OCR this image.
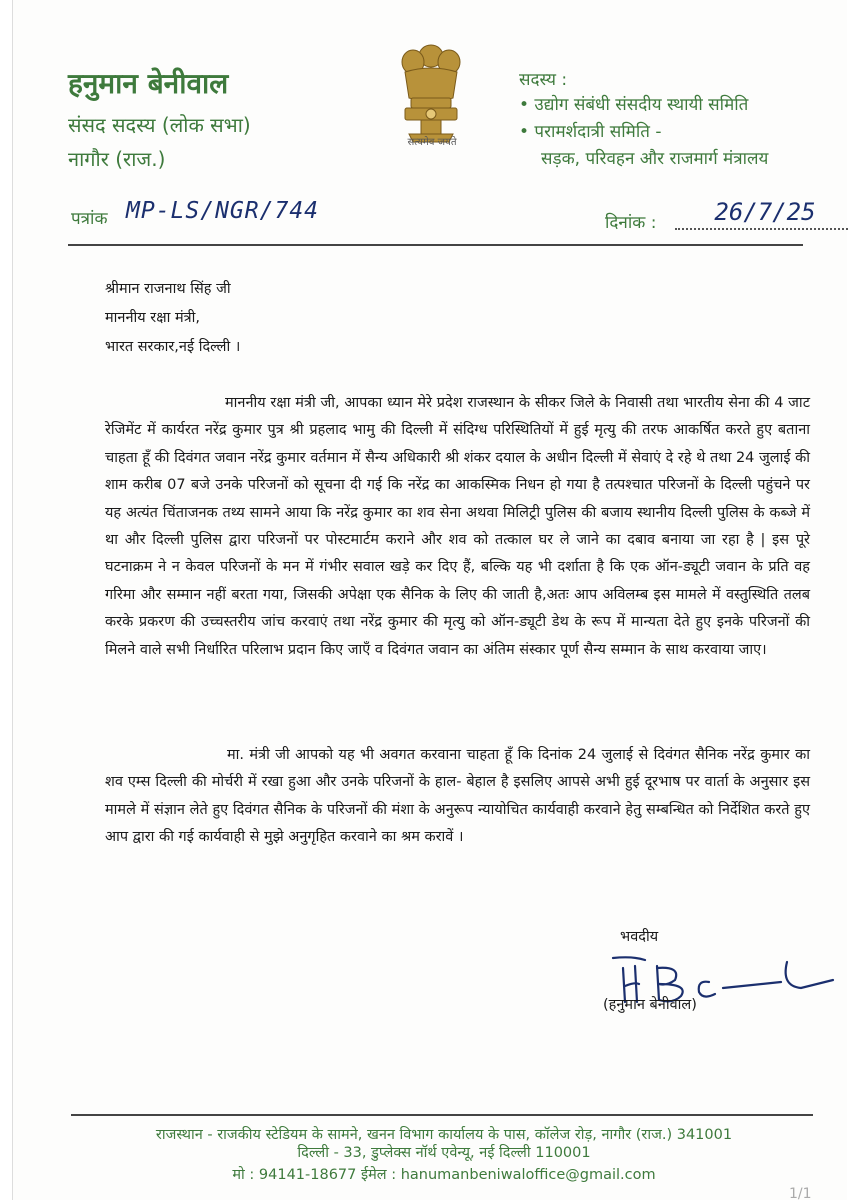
हनुमान बेनीवाल
संसद सदस्य (लोक सभा)
नागौर (राज.)
सत्यमेव जयते
सदस्य :
• उद्योग संबंधी संसदीय स्थायी समिति
• परामर्शदात्री समिति -
सड़क, परिवहन और राजमार्ग मंत्रालय
पत्रांक MP-LS/NGR/744	दिनांक :	26/7/25
श्रीमान राजनाथ सिंह जी
माननीय रक्षा मंत्री,
भारत सरकार,नई दिल्ली ।
माननीय रक्षा मंत्री जी, आपका ध्यान मेरे प्रदेश राजस्थान के सीकर जिले के निवासी तथा भारतीय सेना की 4 जाट रेजिमेंट में कार्यरत नरेंद्र कुमार पुत्र श्री प्रहलाद भामु की दिल्ली में संदिग्ध परिस्थितियों में हुई मृत्यु की तरफ आकर्षित करते हुए बताना चाहता हूँ की दिवंगत जवान नरेंद्र कुमार वर्तमान में सैन्य अधिकारी श्री शंकर दयाल के अधीन दिल्ली में सेवाएं दे रहे थे तथा 24 जुलाई की शाम करीब 07 बजे उनके परिजनों को सूचना दी गई कि नरेंद्र का आकस्मिक निधन हो गया है तत्पश्चात परिजनों के दिल्ली पहुंचने पर यह अत्यंत चिंताजनक तथ्य सामने आया कि नरेंद्र कुमार का शव सेना अथवा मिलिट्री पुलिस की बजाय स्थानीय दिल्ली पुलिस के कब्जे में था और दिल्ली पुलिस द्वारा परिजनों पर पोस्टमार्टम कराने और शव को तत्काल घर ले जाने का दबाव बनाया जा रहा है | इस पूरे घटनाक्रम ने न केवल परिजनों के मन में गंभीर सवाल खड़े कर दिए हैं, बल्कि यह भी दर्शाता है कि एक ऑन-ड्यूटी जवान के प्रति वह गरिमा और सम्मान नहीं बरता गया, जिसकी अपेक्षा एक सैनिक के लिए की जाती है,अतः आप अविलम्ब इस मामले में वस्तुस्थिति तलब करके प्रकरण की उच्चस्तरीय जांच करवाएं तथा नरेंद्र कुमार की मृत्यु को ऑन-ड्यूटी डेथ के रूप में मान्यता देते हुए इनके परिजनों की मिलने वाले सभी निर्धारित परिलाभ प्रदान किए जाएँ व दिवंगत जवान का अंतिम संस्कार पूर्ण सैन्य सम्मान के साथ करवाया जाए।
मा. मंत्री जी आपको यह भी अवगत करवाना चाहता हूँ कि दिनांक 24 जुलाई से दिवंगत सैनिक नरेंद्र कुमार का शव एम्स दिल्ली की मोर्चरी में रखा हुआ और उनके परिजनों के हाल- बेहाल है इसलिए आपसे अभी हुई दूरभाष पर वार्ता के अनुसार इस मामले में संज्ञान लेते हुए दिवंगत सैनिक के परिजनों की मंशा के अनुरूप न्यायोचित कार्यवाही करवाने हेतु सम्बन्धित को निर्देशित करते हुए आप द्वारा की गई कार्यवाही से मुझे अनुगृहित करवाने का श्रम करावें ।
भवदीय
(हनुमान बेनीवाल)
राजस्थान - राजकीय स्टेडियम के सामने, खनन विभाग कार्यालय के पास, कॉलेज रोड़, नागौर (राज.) 341001
दिल्ली - 33, डुप्लेक्स नॉर्थ एवेन्यू, नई दिल्ली 110001
मो : 94141-18677 ईमेल : hanumanbeniwaloffice@gmail.com
1/1
